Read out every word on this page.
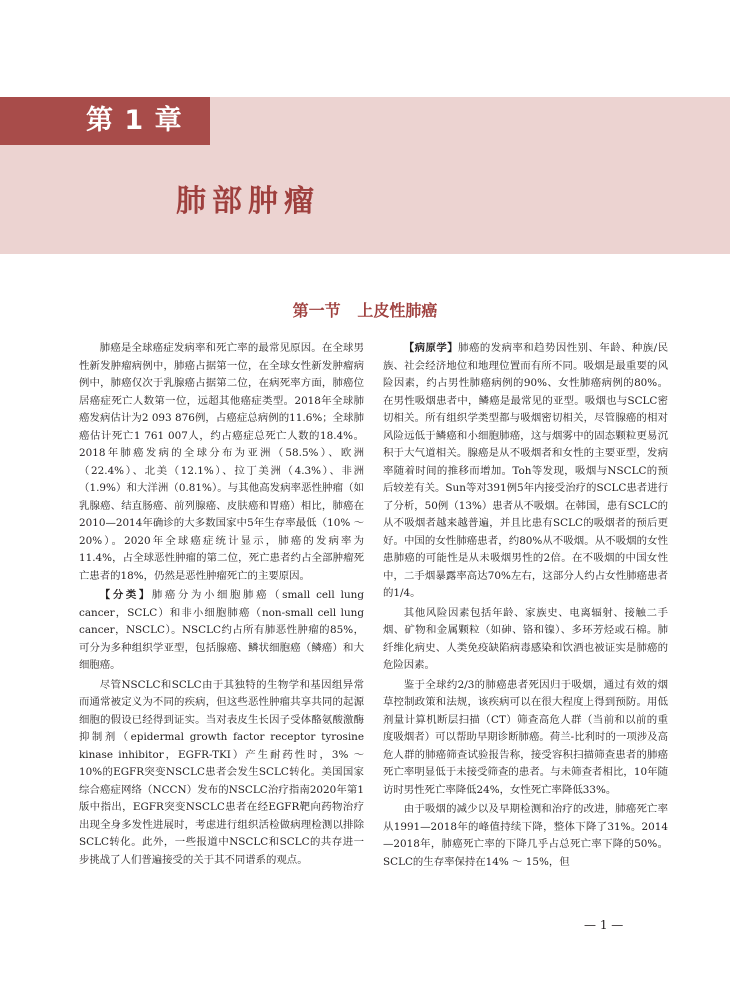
第 1 章
肺部肿瘤
第一节   上皮性肺癌

肺癌是全球癌症发病率和死亡率的最常见原因。在全球男性新发肿瘤病例中，肺癌占据第一位，在全球女性新发肿瘤病例中，肺癌仅次于乳腺癌占据第二位，在病死率方面，肺癌位居癌症死亡人数第一位，远超其他癌症类型。2018年全球肺癌发病估计为2 093 876例，占癌症总病例的11.6%；全球肺癌估计死亡1 761 007人，约占癌症总死亡人数的18.4%。2018年肺癌发病的全球分布为亚洲（58.5%）、欧洲（22.4%）、北美（12.1%）、拉丁美洲（4.3%）、非洲（1.9%）和大洋洲（0.81%）。与其他高发病率恶性肿瘤（如乳腺癌、结直肠癌、前列腺癌、皮肤癌和胃癌）相比，肺癌在2010—2014年确诊的大多数国家中5年生存率最低（10% ～ 20%）。2020年全球癌症统计显示，肺癌的发病率为11.4%，占全球恶性肿瘤的第二位，死亡患者约占全部肿瘤死亡患者的18%，仍然是恶性肿瘤死亡的主要原因。

【分类】肺癌分为小细胞肺癌（small cell lung cancer，SCLC）和非小细胞肺癌（non-small cell lung cancer，NSCLC）。NSCLC约占所有肺恶性肿瘤的85%，可分为多种组织学亚型，包括腺癌、鳞状细胞癌（鳞癌）和大细胞癌。

尽管NSCLC和SCLC由于其独特的生物学和基因组异常而通常被定义为不同的疾病，但这些恶性肿瘤共享共同的起源细胞的假设已经得到证实。当对表皮生长因子受体酪氨酸激酶抑制剂（epidermal growth factor receptor tyrosine kinase inhibitor，EGFR-TKI）产生耐药性时，3% ～ 10%的EGFR突变NSCLC患者会发生SCLC转化。美国国家综合癌症网络（NCCN）发布的NSCLC治疗指南2020年第1版中指出，EGFR突变NSCLC患者在经EGFR靶向药物治疗出现全身多发性进展时，考虑进行组织活检做病理检测以排除SCLC转化。此外，一些报道中NSCLC和SCLC的共存进一步挑战了人们普遍接受的关于其不同谱系的观点。

【病原学】肺癌的发病率和趋势因性别、年龄、种族/民族、社会经济地位和地理位置而有所不同。吸烟是最重要的风险因素，约占男性肺癌病例的90%、女性肺癌病例的80%。在男性吸烟患者中，鳞癌是最常见的亚型。吸烟也与SCLC密切相关。所有组织学类型都与吸烟密切相关，尽管腺癌的相对风险远低于鳞癌和小细胞肺癌，这与烟雾中的固态颗粒更易沉积于大气道相关。腺癌是从不吸烟者和女性的主要亚型，发病率随着时间的推移而增加。Toh等发现，吸烟与NSCLC的预后较差有关。Sun等对391例5年内接受治疗的SCLC患者进行了分析，50例（13%）患者从不吸烟。在韩国，患有SCLC的从不吸烟者越来越普遍，并且比患有SCLC的吸烟者的预后更好。中国的女性肺癌患者，约80%从不吸烟。从不吸烟的女性患肺癌的可能性是从未吸烟男性的2倍。在不吸烟的中国女性中，二手烟暴露率高达70%左右，这部分人约占女性肺癌患者的1/4。

其他风险因素包括年龄、家族史、电离辐射、接触二手烟、矿物和金属颗粒（如砷、铬和镍）、多环芳烃或石棉。肺纤维化病史、人类免疫缺陷病毒感染和饮酒也被证实是肺癌的危险因素。

鉴于全球约2/3的肺癌患者死因归于吸烟，通过有效的烟草控制政策和法规，该疾病可以在很大程度上得到预防。用低剂量计算机断层扫描（CT）筛查高危人群（当前和以前的重度吸烟者）可以帮助早期诊断肺癌。荷兰-比利时的一项涉及高危人群的肺癌筛查试验报告称，接受容积扫描筛查患者的肺癌死亡率明显低于未接受筛查的患者。与未筛查者相比，10年随访时男性死亡率降低24%，女性死亡率降低33%。

由于吸烟的减少以及早期检测和治疗的改进，肺癌死亡率从1991—2018年的峰值持续下降，整体下降了31%。2014—2018年，肺癌死亡率的下降几乎占总死亡率下降的50%。SCLC的生存率保持在14% ～ 15%，但

— 1 —
